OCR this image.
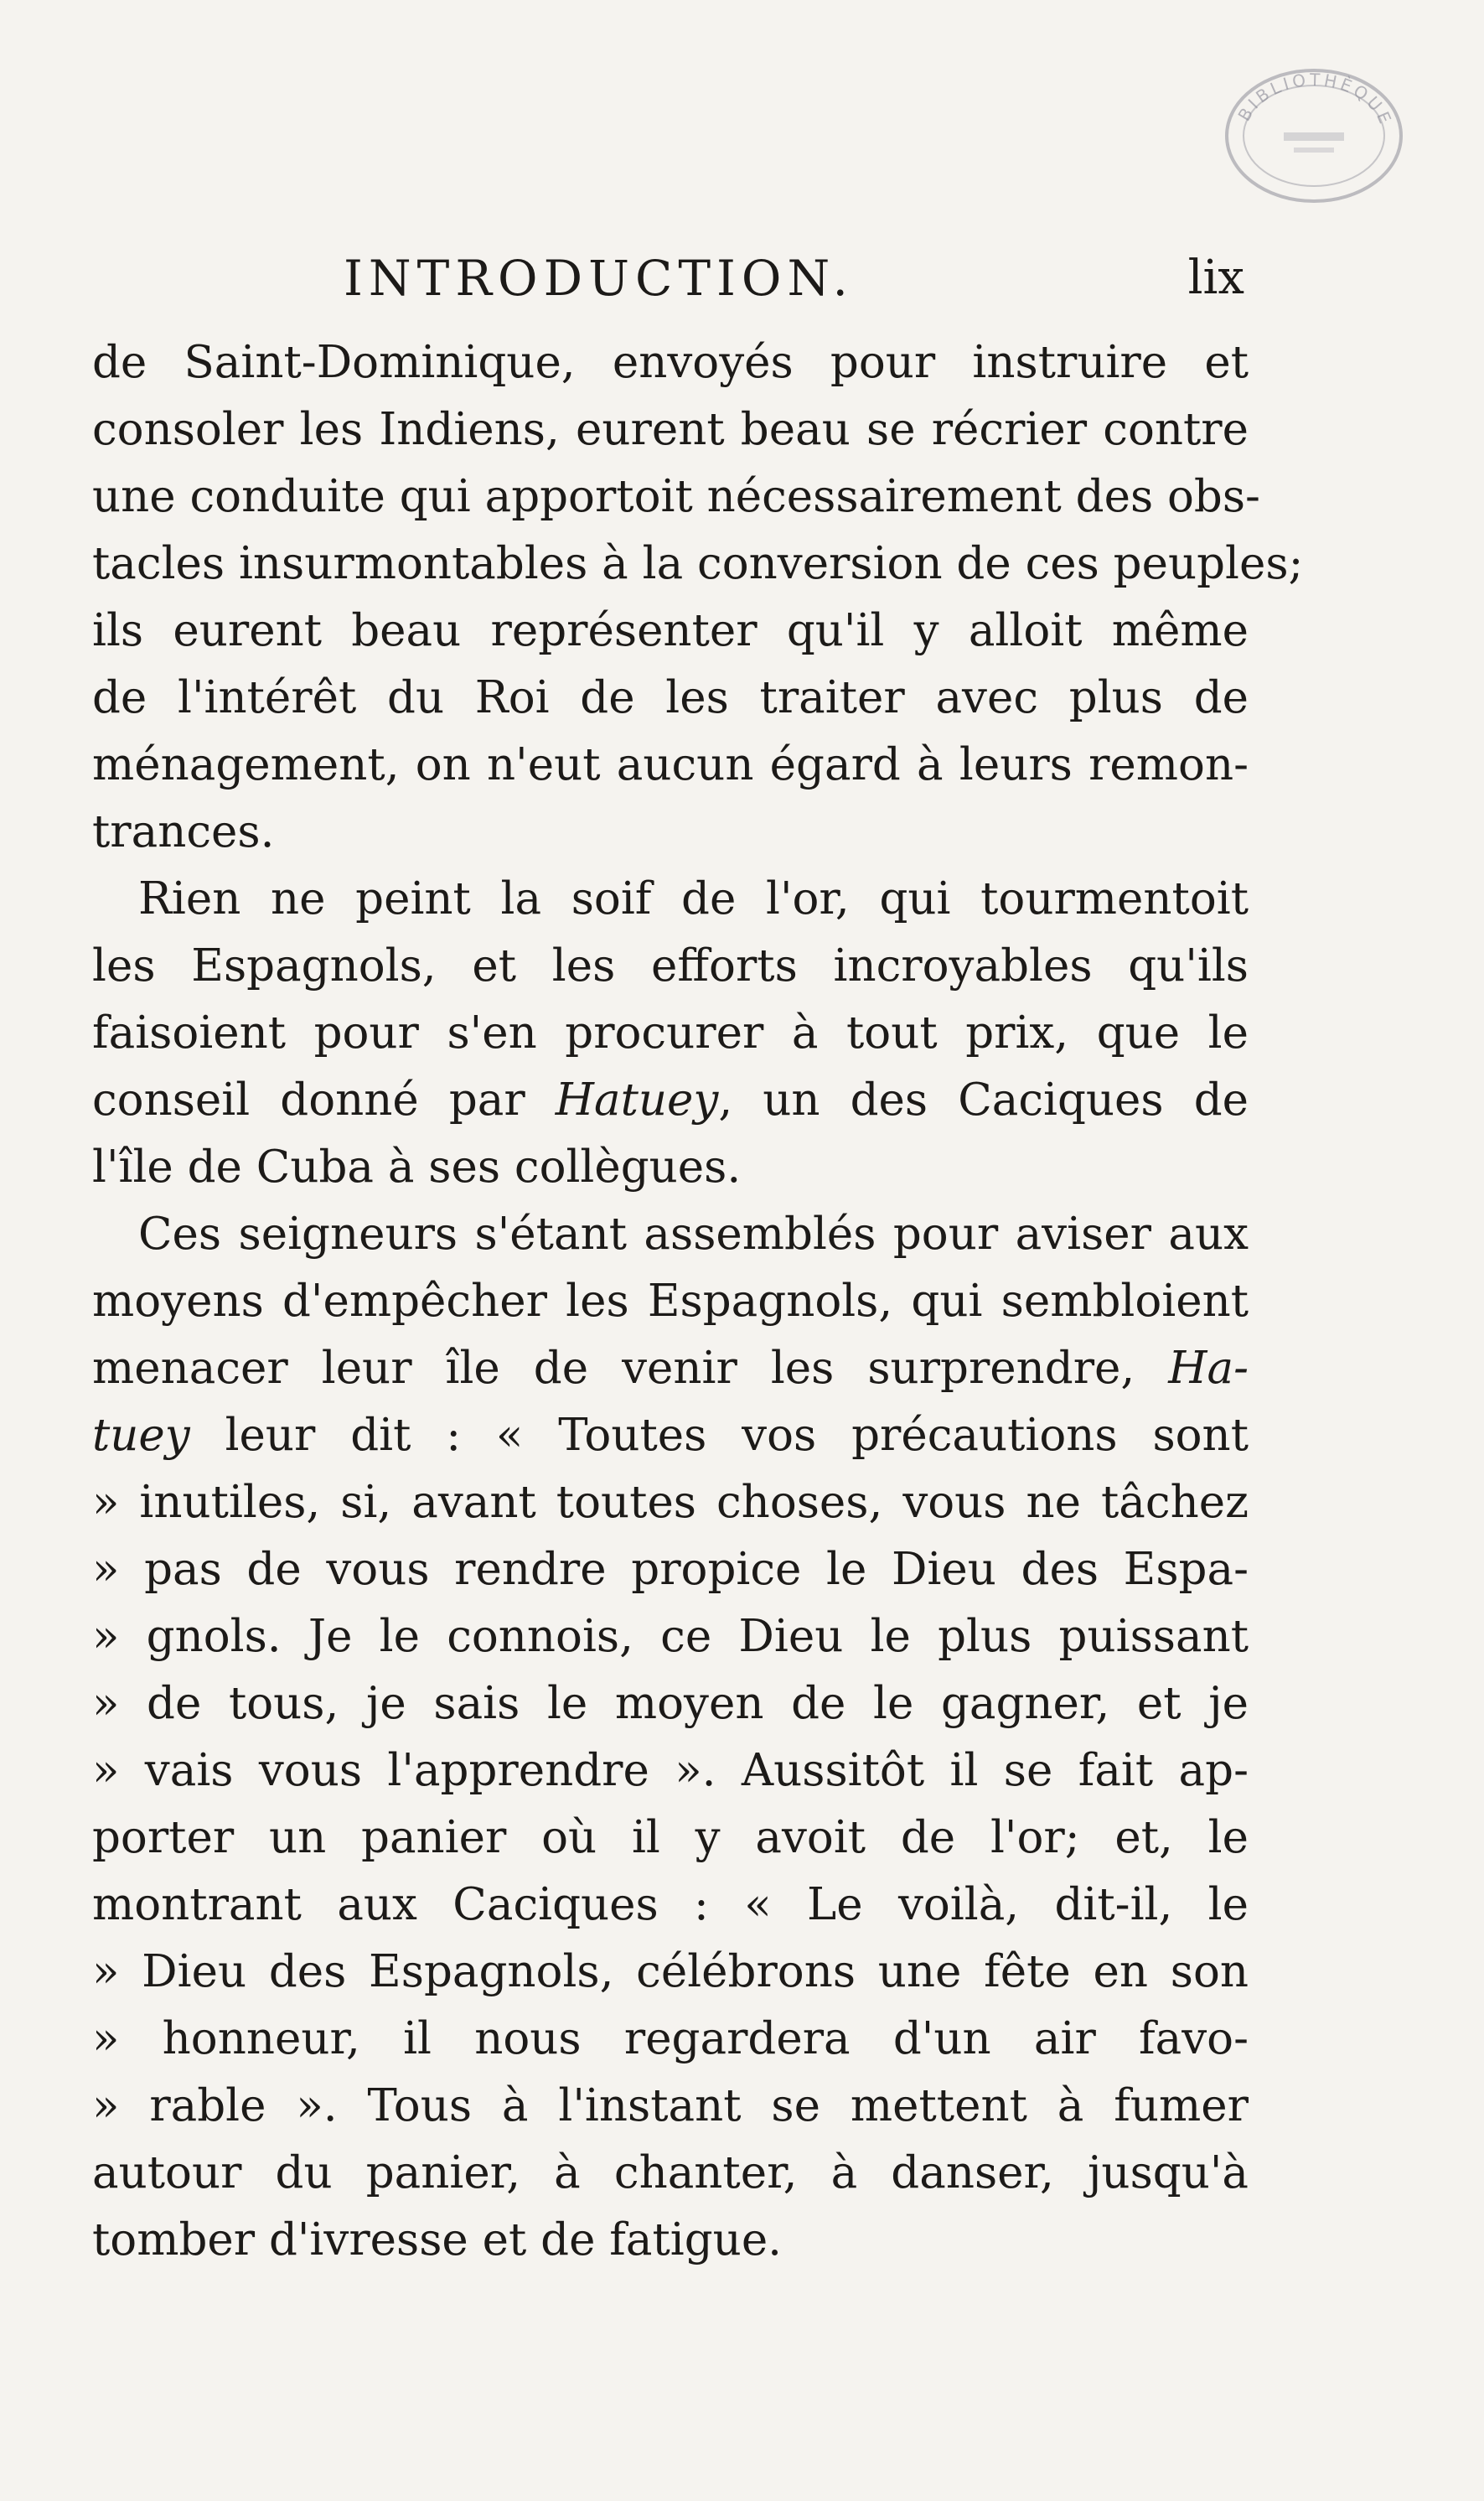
BIBLIOTHÈQUE
INTRODUCTION.	lix
de Saint-Dominique, envoyés pour instruire et
consoler les Indiens, eurent beau se récrier contre
une conduite qui apportoit nécessairement des obs-
tacles insurmontables à la conversion de ces peuples;
ils eurent beau représenter qu'il y alloit même
de l'intérêt du Roi de les traiter avec plus de
ménagement, on n'eut aucun égard à leurs remon-
trances.
Rien ne peint la soif de l'or, qui tourmentoit
les Espagnols, et les efforts incroyables qu'ils
faisoient pour s'en procurer à tout prix, que le
conseil donné par Hatuey, un des Caciques de
l'île de Cuba à ses collègues.
Ces seigneurs s'étant assemblés pour aviser aux
moyens d'empêcher les Espagnols, qui sembloient
menacer leur île de venir les surprendre, Ha-
tuey leur dit : « Toutes vos précautions sont
» inutiles, si, avant toutes choses, vous ne tâchez
» pas de vous rendre propice le Dieu des Espa-
» gnols. Je le connois, ce Dieu le plus puissant
» de tous, je sais le moyen de le gagner, et je
» vais vous l'apprendre ». Aussitôt il se fait ap-
porter un panier où il y avoit de l'or; et, le
montrant aux Caciques : « Le voilà, dit-il, le
» Dieu des Espagnols, célébrons une fête en son
» honneur, il nous regardera d'un air favo-
» rable ». Tous à l'instant se mettent à fumer
autour du panier, à chanter, à danser, jusqu'à
tomber d'ivresse et de fatigue.
